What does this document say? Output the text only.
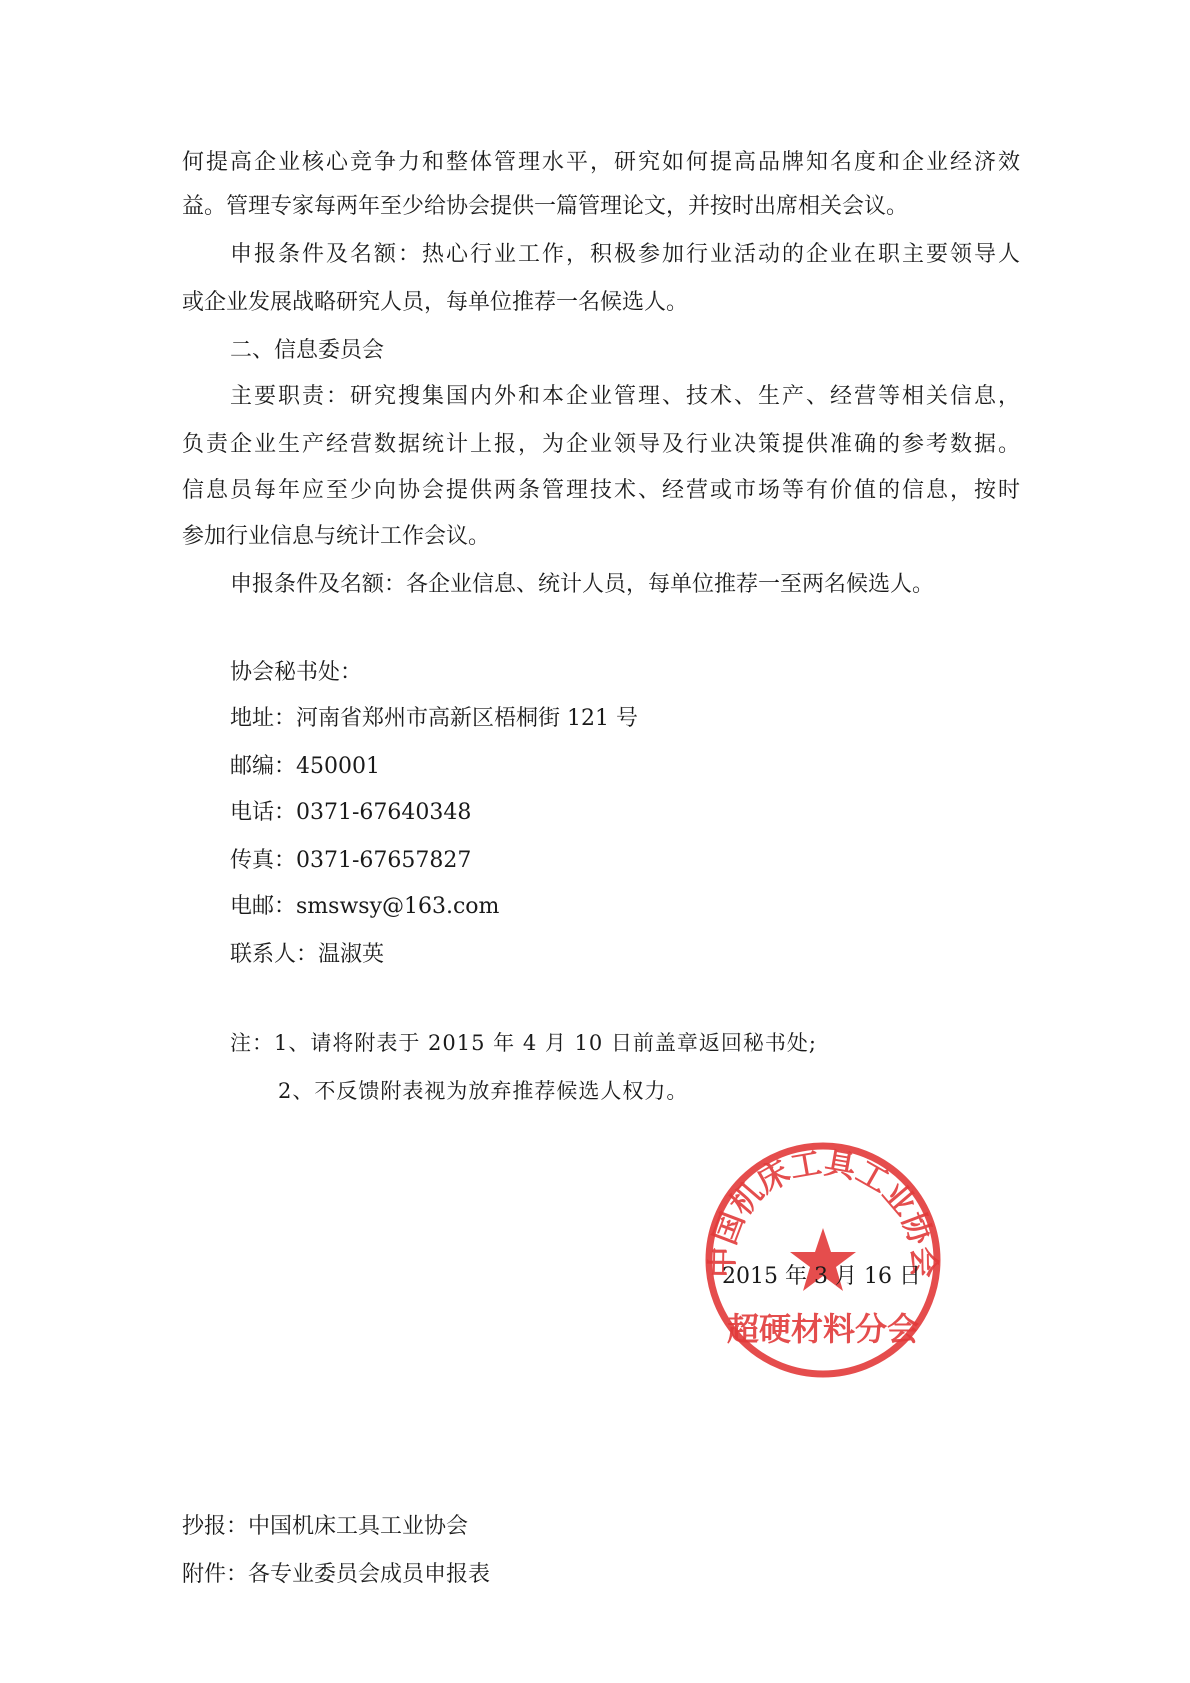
何提高企业核心竞争力和整体管理水平，研究如何提高品牌知名度和企业经济效
益。管理专家每两年至少给协会提供一篇管理论文，并按时出席相关会议。
申报条件及名额：热心行业工作，积极参加行业活动的企业在职主要领导人
或企业发展战略研究人员，每单位推荐一名候选人。
二、信息委员会
主要职责：研究搜集国内外和本企业管理、技术、生产、经营等相关信息，
负责企业生产经营数据统计上报，为企业领导及行业决策提供准确的参考数据。
信息员每年应至少向协会提供两条管理技术、经营或市场等有价值的信息，按时
参加行业信息与统计工作会议。
申报条件及名额：各企业信息、统计人员，每单位推荐一至两名候选人。
协会秘书处：
地址：河南省郑州市高新区梧桐街 121 号
邮编：450001
电话：0371-67640348
传真：0371-67657827
电邮：smswsy@163.com
联系人：温淑英
注：1、请将附表于 2015 年 4 月 10 日前盖章返回秘书处;
2、不反馈附表视为放弃推荐候选人权力。
中国机床工具工业协会
超硬材料分会
2015 年 3 月 16 日
抄报：中国机床工具工业协会
附件：各专业委员会成员申报表
